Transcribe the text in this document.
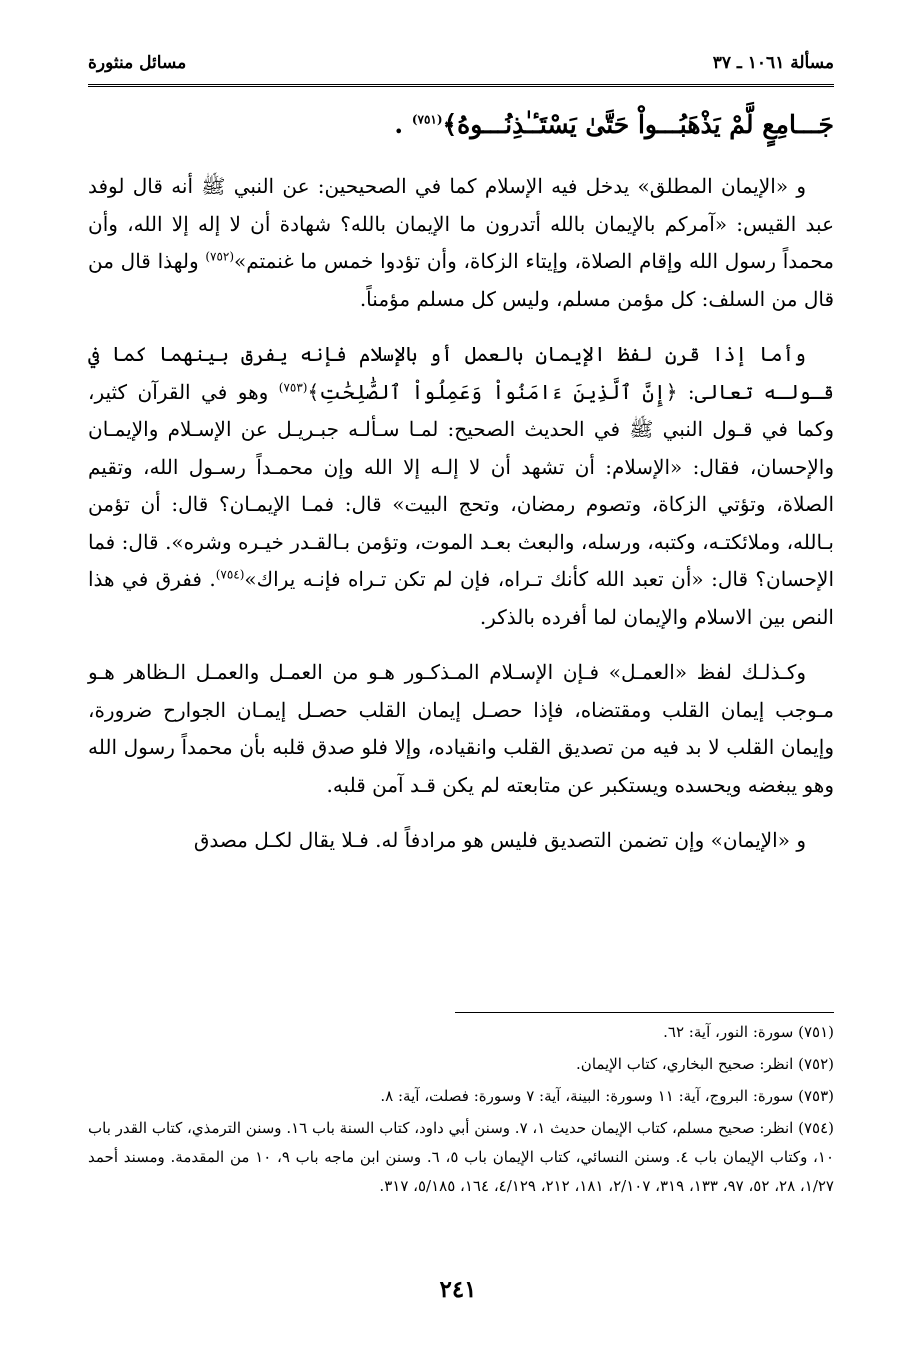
مسألة ١٠٦١ ـ ٣٧
مسائل منثورة

جَـــامِعٍ لَّمْ يَذْهَبُـــواْ حَتَّىٰ يَسْتَـٔـٰذِنُـــوهُ﴾$^{(٧٥١)}$ .

و «الإيمان المطلق» يدخل فيه الإسلام كما في الصحيحين: عن النبي ﷺ أنه قال لوفد عبد القيس: «آمركم بالإيمان بالله أتدرون ما الإيمان بالله؟ شهادة أن لا إله إلا الله، وأن محمداً رسول الله وإقام الصلاة، وإيتاء الزكاة، وأن تؤدوا خمس ما غنمتم»$^{(٧٥٢)}$ ولهذا قال من قال من السلف: كل مؤمن مسلم، وليس كل مسلم مؤمناً.

وأما إذا قرن لفظ الإيمان بالعمل أو بالإسلام فإنه يفرق بينهما كما في قـولـه تعالى: ﴿إِنَّ ٱلَّذِينَ ءَامَنُواْ وَعَمِلُواْ ٱلصَّٰلِحَٰتِ﴾$^{(٧٥٣)}$ وهو في القرآن كثير، وكما في قـول النبي ﷺ في الحديث الصحيح: لمـا سـألـه جبـريـل عن الإسـلام والإيمـان والإحسان، فقال: «الإسلام: أن تشهد أن لا إلـه إلا الله وإن محمـداً رسـول الله، وتقيم الصلاة، وتؤتي الزكاة، وتصوم رمضان، وتحج البيت» قال: فمـا الإيمـان؟ قال: أن تؤمن بـالله، وملائكتـه، وكتبه، ورسله، والبعث بعـد الموت، وتؤمن بـالقـدر خيـره وشره». قال: فما الإحسان؟ قال: «أن تعبد الله كأنك تـراه، فإن لم تكن تـراه فإنـه يراك»$^{(٧٥٤)}$. ففرق في هذا النص بين الاسلام والإيمان لما أفرده بالذكر.

وكـذلـك لفظ «العمـل» فـإن الإسـلام المـذكـور هـو من العمـل والعمـل الـظاهر هـو مـوجب إيمان القلب ومقتضاه، فإذا حصـل إيمان القلب حصـل إيمـان الجوارح ضرورة، وإيمان القلب لا بد فيه من تصديق القلب وانقياده، وإلا فلو صدق قلبه بأن محمداً رسول الله وهو يبغضه ويحسده ويستكبر عن متابعته لم يكن قـد آمن قلبه.

و «الإيمان» وإن تضمن التصديق فليس هو مرادفاً له. فـلا يقال لكـل مصدق

(٧٥١) سورة: النور، آية: ٦٢.

(٧٥٢) انظر: صحيح البخاري، كتاب الإيمان.

(٧٥٣) سورة: البروج، آية: ١١ وسورة: البينة، آية: ٧ وسورة: فصلت، آية: ٨.

(٧٥٤) انظر: صحيح مسلم، كتاب الإيمان حديث ١، ٧. وسنن أبي داود، كتاب السنة باب ١٦. وسنن الترمذي، كتاب القدر باب ١٠، وكتاب الإيمان باب ٤. وسنن النسائي، كتاب الإيمان باب ٥، ٦. وسنن ابن ماجه باب ٩، ١٠ من المقدمة. ومسند أحمد ١/٢٧، ٢٨، ٥٢، ٩٧، ١٣٣، ٣١٩، ٢/١٠٧، ١٨١، ٢١٢، ٤/١٢٩، ١٦٤، ٥/١٨٥، ٣١٧.

٢٤١
